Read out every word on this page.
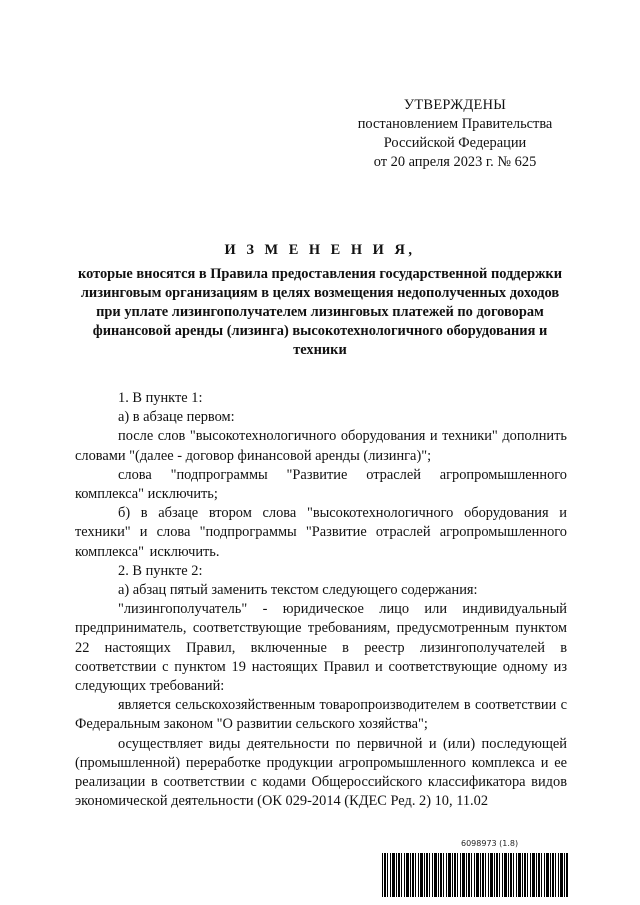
УТВЕРЖДЕНЫ
постановлением Правительства
Российской Федерации
от 20 апреля 2023 г. № 625
И З М Е Н Е Н И Я,
которые вносятся в Правила предоставления государственной поддержки лизинговым организациям в целях возмещения недополученных доходов при уплате лизингополучателем лизинговых платежей по договорам финансовой аренды (лизинга) высокотехнологичного оборудования и техники

1. В пункте 1:

а) в абзаце первом:

после слов "высокотехнологичного оборудования и техники" дополнить словами "(далее - договор финансовой аренды (лизинга)";

слова "подпрограммы "Развитие отраслей агропромышленного комплекса" исключить;

б) в абзаце втором слова "высокотехнологичного оборудования и техники" и слова "подпрограммы "Развитие отраслей агропромышленного комплекса" исключить.

2. В пункте 2:

а) абзац пятый заменить текстом следующего содержания:

"лизингополучатель" - юридическое лицо или индивидуальный предприниматель, соответствующие требованиям, предусмотренным пунктом 22 настоящих Правил, включенные в реестр лизингополучателей в соответствии с пунктом 19 настоящих Правил и соответствующие одному из следующих требований:

является сельскохозяйственным товаропроизводителем в соответствии с Федеральным законом "О развитии сельского хозяйства";

осуществляет виды деятельности по первичной и (или) последующей (промышленной) переработке продукции агропромышленного комплекса и ее реализации в соответствии с кодами Общероссийского классификатора видов экономической деятельности (ОК 029-2014 (КДЕС Ред. 2) 10, 11.02

6098973 (1.8)
